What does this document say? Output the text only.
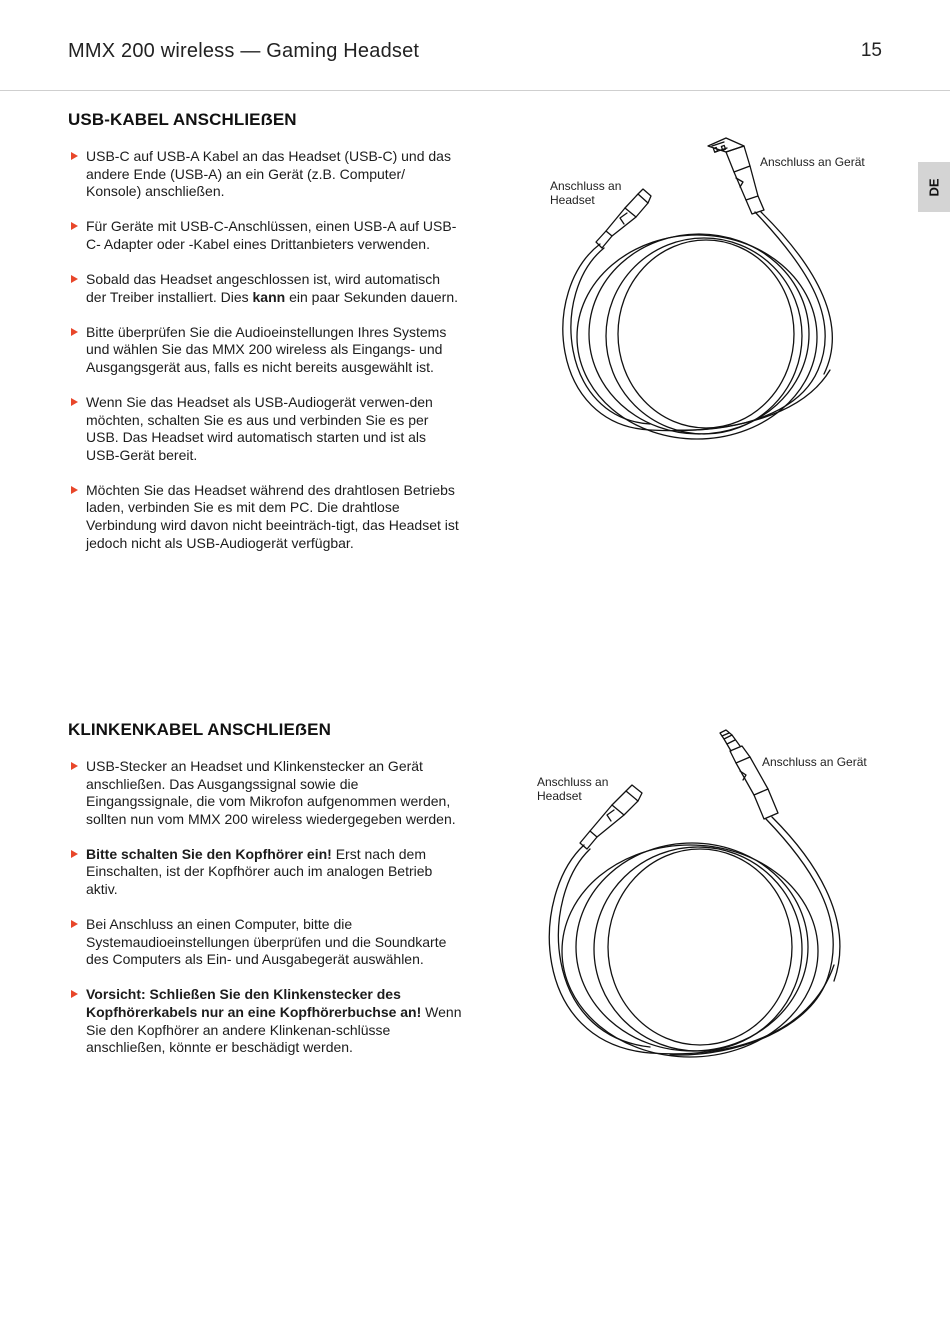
MMX 200 wireless — Gaming Headset	15
DE
USB-KABEL ANSCHLIEẞEN
USB-C auf USB-A Kabel an das Headset (USB-C) und das andere Ende (USB-A) an ein Gerät (z.B. Computer/ Konsole) anschließen.
Für Geräte mit USB-C-Anschlüssen, einen USB-A auf USB-C- Adapter oder -Kabel eines Drittanbieters verwenden.
Sobald das Headset angeschlossen ist, wird automatisch der Treiber installiert. Dies kann ein paar Sekunden dauern.
Bitte überprüfen Sie die Audioeinstellungen Ihres Systems und wählen Sie das MMX 200 wireless als Eingangs- und Ausgangsgerät aus, falls es nicht bereits ausgewählt ist.
Wenn Sie das Headset als USB-Audiogerät verwen-den möchten, schalten Sie es aus und verbinden Sie es per USB. Das Headset wird automatisch starten und ist als USB-Gerät bereit.
Möchten Sie das Headset während des drahtlosen Betriebs laden, verbinden Sie es mit dem PC. Die drahtlose Verbindung wird davon nicht beeinträch-tigt, das Headset ist jedoch nicht als USB-Audiogerät verfügbar.
Anschluss an Headset
Anschluss an Gerät
KLINKENKABEL ANSCHLIEẞEN
USB-Stecker an Headset und Klinkenstecker an Gerät anschließen. Das Ausgangssignal sowie die Eingangssignale, die vom Mikrofon aufgenommen werden, sollten nun vom MMX 200 wireless wiedergegeben werden.
Bitte schalten Sie den Kopfhörer ein! Erst nach dem Einschalten, ist der Kopfhörer auch im analogen Betrieb aktiv.
Bei Anschluss an einen Computer, bitte die Systemaudioeinstellungen überprüfen und die Soundkarte des Computers als Ein- und Ausgabegerät auswählen.
Vorsicht: Schließen Sie den Klinkenstecker des Kopfhörerkabels nur an eine Kopfhörerbuchse an! Wenn Sie den Kopfhörer an andere Klinkenan-schlüsse anschließen, könnte er beschädigt werden.
Anschluss an Headset
Anschluss an Gerät
